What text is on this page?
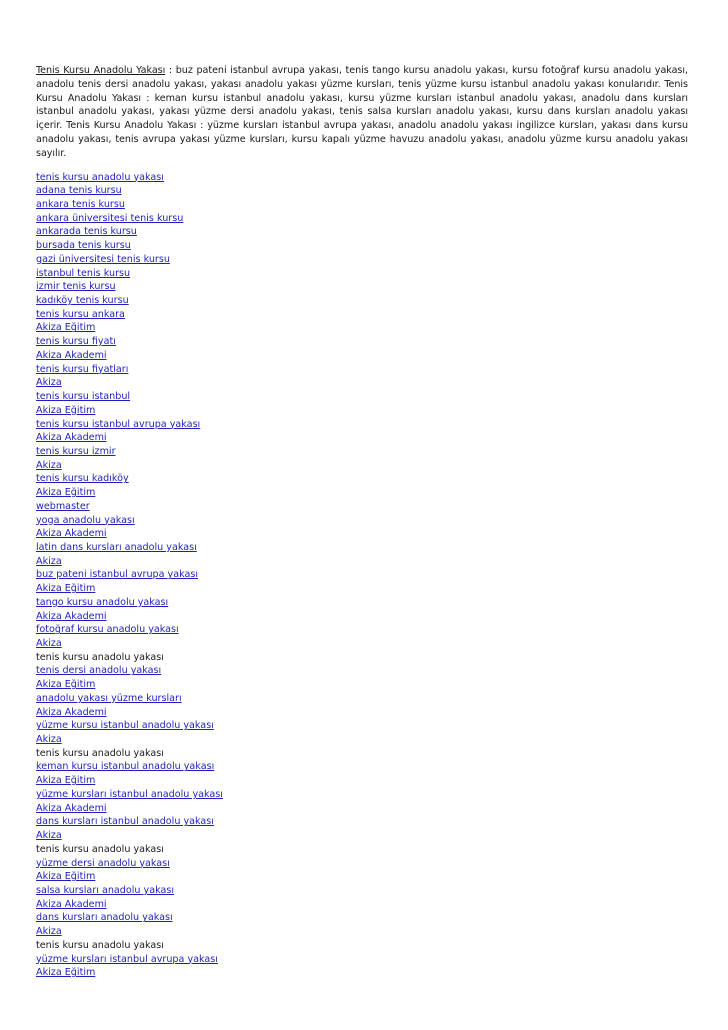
Tenis Kursu Anadolu Yakası : buz pateni istanbul avrupa yakası, tenis tango kursu anadolu yakası, kursu fotoğraf kursu anadolu yakası, anadolu tenis dersi anadolu yakası, yakası anadolu yakası yüzme kursları, tenis yüzme kursu istanbul anadolu yakası konularıdır. Tenis Kursu Anadolu Yakası : keman kursu istanbul anadolu yakası, kursu yüzme kursları istanbul anadolu yakası, anadolu dans kursları istanbul anadolu yakası, yakası yüzme dersi anadolu yakası, tenis salsa kursları anadolu yakası, kursu dans kursları anadolu yakası içerir. Tenis Kursu Anadolu Yakası : yüzme kursları istanbul avrupa yakası, anadolu anadolu yakası ingilizce kursları, yakası dans kursu anadolu yakası, tenis avrupa yakası yüzme kursları, kursu kapalı yüzme havuzu anadolu yakası, anadolu yüzme kursu anadolu yakası sayılır.

tenis kursu anadolu yakası
adana tenis kursu
ankara tenis kursu
ankara üniversitesi tenis kursu
ankarada tenis kursu
bursada tenis kursu
gazi üniversitesi tenis kursu
istanbul tenis kursu
izmir tenis kursu
kadıköy tenis kursu
tenis kursu ankara
Akiza Eğitim
tenis kursu fiyatı
Akiza Akademi
tenis kursu fiyatları
Akiza
tenis kursu istanbul
Akiza Eğitim
tenis kursu istanbul avrupa yakası
Akiza Akademi
tenis kursu izmir
Akiza
tenis kursu kadıköy
Akiza Eğitim
webmaster
yoga anadolu yakası
Akiza Akademi
latin dans kursları anadolu yakası
Akiza
buz pateni istanbul avrupa yakası
Akiza Eğitim
tango kursu anadolu yakası
Akiza Akademi
fotoğraf kursu anadolu yakası
Akiza
tenis kursu anadolu yakası
tenis dersi anadolu yakası
Akiza Eğitim
anadolu yakası yüzme kursları
Akiza Akademi
yüzme kursu istanbul anadolu yakası
Akiza
tenis kursu anadolu yakası
keman kursu istanbul anadolu yakası
Akiza Eğitim
yüzme kursları istanbul anadolu yakası
Akiza Akademi
dans kursları istanbul anadolu yakası
Akiza
tenis kursu anadolu yakası
yüzme dersi anadolu yakası
Akiza Eğitim
salsa kursları anadolu yakası
Akiza Akademi
dans kursları anadolu yakası
Akiza
tenis kursu anadolu yakası
yüzme kursları istanbul avrupa yakası
Akiza Eğitim
